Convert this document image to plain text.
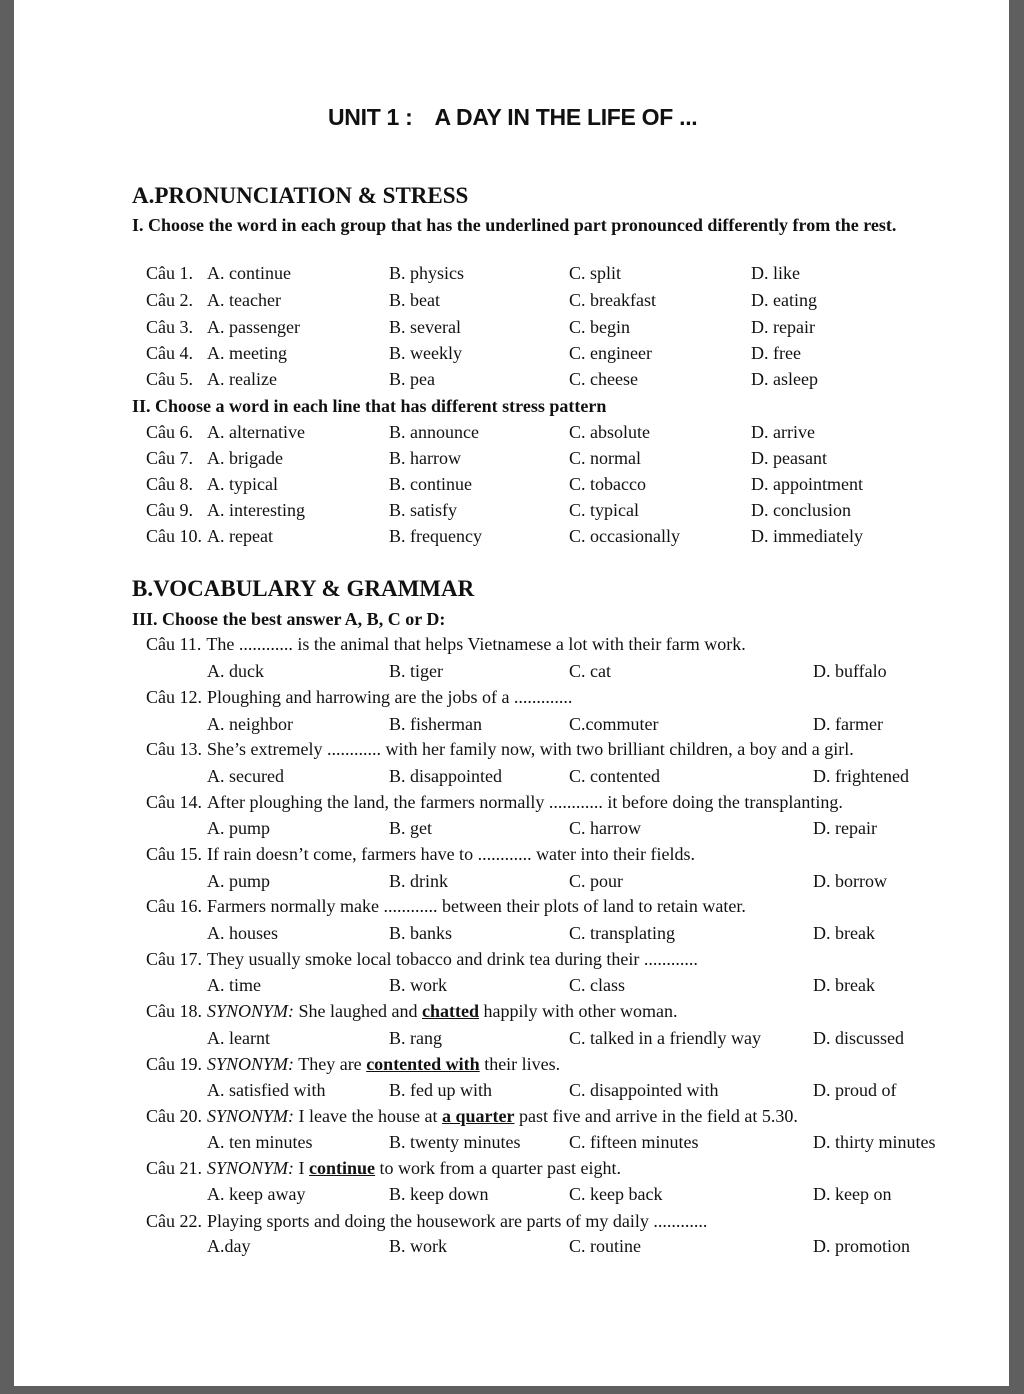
UNIT 1 : A DAY IN THE LIFE OF ...
A.PRONUNCIATION & STRESS
I. Choose the word in each group that has the underlined part pronounced differently from the rest.
Câu 1. A. continue	B. physics	C. split	D. like
Câu 2. A. teacher	B. beat	C. breakfast	D. eating
Câu 3. A. passenger	B. several	C. begin	D. repair
Câu 4. A. meeting	B. weekly	C. engineer	D. free
Câu 5. A. realize	B. pea	C. cheese	D. asleep
II. Choose a word in each line that has different stress pattern
Câu 6. A. alternative	B. announce	C. absolute	D. arrive
Câu 7. A. brigade	B. harrow	C. normal	D. peasant
Câu 8. A. typical	B. continue	C. tobacco	D. appointment
Câu 9. A. interesting	B. satisfy	C. typical	D. conclusion
Câu 10. A. repeat	B. frequency	C. occasionally	D. immediately
B.VOCABULARY & GRAMMAR
III. Choose the best answer A, B, C or D:
Câu 11. The ............ is the animal that helps Vietnamese a lot with their farm work.
A. duck	B. tiger	C. cat	D. buffalo
Câu 12. Ploughing and harrowing are the jobs of a .............
A. neighbor	B. fisherman	C.commuter	D. farmer
Câu 13. She’s extremely ............ with her family now, with two brilliant children, a boy and a girl.
A. secured	B. disappointed	C. contented	D. frightened
Câu 14. After ploughing the land, the farmers normally ............ it before doing the transplanting.
A. pump	B. get	C. harrow	D. repair
Câu 15. If rain doesn’t come, farmers have to ............ water into their fields.
A. pump	B. drink	C. pour	D. borrow
Câu 16. Farmers normally make ............ between their plots of land to retain water.
A. houses	B. banks	C. transplating	D. break
Câu 17. They usually smoke local tobacco and drink tea during their ............
A. time	B. work	C. class	D. break
Câu 18. SYNONYM: She laughed and chatted happily with other woman.
A. learnt	B. rang	C. talked in a friendly way	D. discussed
Câu 19. SYNONYM: They are contented with their lives.
A. satisfied with	B. fed up with	C. disappointed with	D. proud of
Câu 20. SYNONYM: I leave the house at a quarter past five and arrive in the field at 5.30.
A. ten minutes	B. twenty minutes	C. fifteen minutes	D. thirty minutes
Câu 21. SYNONYM: I continue to work from a quarter past eight.
A. keep away	B. keep down	C. keep back	D. keep on
Câu 22. Playing sports and doing the housework are parts of my daily ............
A.day	B. work	C. routine	D. promotion
